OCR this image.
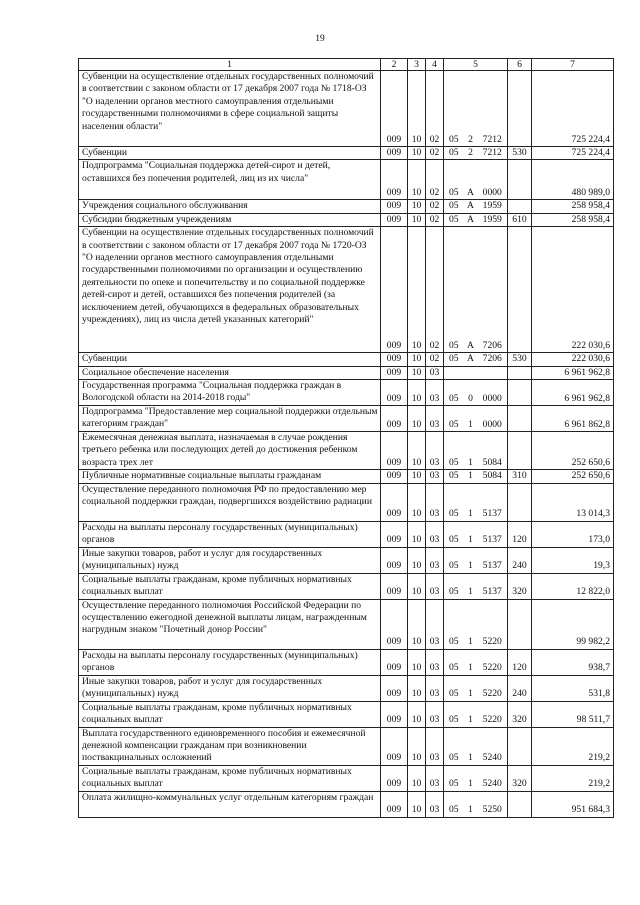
19
1	2	3	4	5			6	7
Субвенции на осуществление отдельных государственных полномочий в соответствии с законом области от 17 декабря 2007 года № 1718-ОЗ "О наделении органов местного самоуправления отдельными государственными полномочиями в сфере социальной защиты населения области"	009	10	02	05	2	7212		725 224,4
Субвенции	009	10	02	05	2	7212	530	725 224,4
Подпрограмма "Социальная поддержка детей-сирот и детей, оставшихся без попечения родителей, лиц из их числа"	009	10	02	05	А	0000		480 989,0
Учреждения социального обслуживания	009	10	02	05	А	1959		258 958,4
Субсидии бюджетным учреждениям	009	10	02	05	А	1959	610	258 958,4
Субвенции на осуществление отдельных государственных полномочий в соответствии с законом области от 17 декабря 2007 года № 1720-ОЗ "О наделении органов местного самоуправления отдельными государственными полномочиями по организации и осуществлению деятельности по опеке и попечительству и по социальной поддержке детей-сирот и детей, оставшихся без попечения родителей (за исключением детей, обучающихся в федеральных образовательных учреждениях), лиц из числа детей указанных категорий"	009	10	02	05	А	7206		222 030,6
Субвенции	009	10	02	05	А	7206	530	222 030,6
Социальное обеспечение населения	009	10	03					6 961 962,8
Государственная программа "Социальная поддержка граждан в Вологодской области на 2014-2018 годы"	009	10	03	05	0	0000		6 961 962,8
Подпрограмма "Предоставление мер социальной поддержки отдельным категориям граждан"	009	10	03	05	1	0000		6 961 862,8
Ежемесячная денежная выплата, назначаемая в случае рождения третьего ребенка или последующих детей до достижения ребенком возраста трех лет	009	10	03	05	1	5084		252 650,6
Публичные нормативные социальные выплаты гражданам	009	10	03	05	1	5084	310	252 650,6
Осуществление переданного полномочия РФ по предоставлению мер социальной поддержки граждан, подвергшихся воздействию радиации	009	10	03	05	1	5137		13 014,3
Расходы на выплаты персоналу государственных (муниципальных) органов	009	10	03	05	1	5137	120	173,0
Иные закупки товаров, работ и услуг для государственных (муниципальных) нужд	009	10	03	05	1	5137	240	19,3
Социальные выплаты гражданам, кроме публичных нормативных социальных выплат	009	10	03	05	1	5137	320	12 822,0
Осуществление переданного полномочия Российской Федерации по осуществлению ежегодной денежной выплаты лицам, награжденным нагрудным знаком "Почетный донор России"	009	10	03	05	1	5220		99 982,2
Расходы на выплаты персоналу государственных (муниципальных) органов	009	10	03	05	1	5220	120	938,7
Иные закупки товаров, работ и услуг для государственных (муниципальных) нужд	009	10	03	05	1	5220	240	531,8
Социальные выплаты гражданам, кроме публичных нормативных социальных выплат	009	10	03	05	1	5220	320	98 511,7
Выплата государственного единовременного пособия и ежемесячной денежной компенсации гражданам при возникновении поствакцинальных осложнений	009	10	03	05	1	5240		219,2
Социальные выплаты гражданам, кроме публичных нормативных социальных выплат	009	10	03	05	1	5240	320	219,2
Оплата жилищно-коммунальных услуг отдельным категориям граждан	009	10	03	05	1	5250		951 684,3
